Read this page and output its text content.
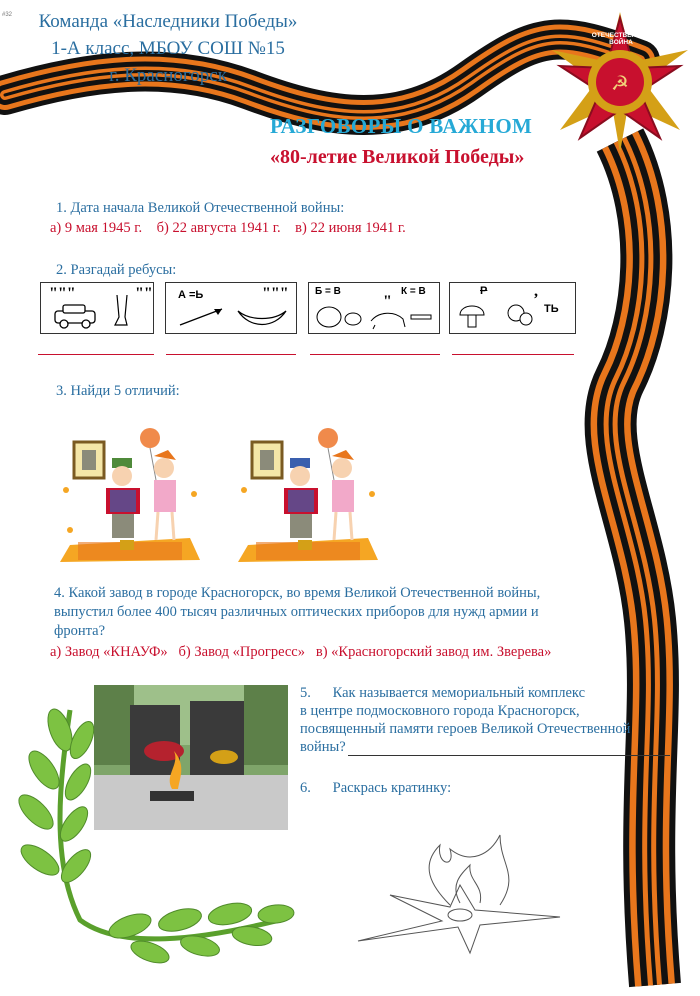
#32
☭
ОТЕЧЕСТВЕННАЯ ВОЙНА
Команда «Наследники Победы»
1-А класс, МБОУ СОШ №15
г. Красногорск
РАЗГОВОРЫ О ВАЖНОМ
«80-летие Великой Победы»
1. Дата начала Великой Отечественной войны:
а) 9 мая 1945 г.    б) 22 августа 1941 г.    в) 22 июня 1941 г.
2. Разгадай ребусы:
"""	"" А =Ь	"""	Б = В	К = В
"
Р	,
ТЬ
3. Найди 5 отличий:
4. Какой завод в городе Красногорск, во время Великой Отечественной войны,
выпустил более 400 тысяч различных оптических приборов для нужд армии и
фронта?
а) Завод «КНАУФ»   б) Завод «Прогресс»   в) «Красногорский завод им. Зверева»
5.      Как называется мемориальный комплекс
в центре подмосковного города Красногорск,
посвященный памяти героев Великой Отечественной
войны?
6.      Раскрась кратинку:
